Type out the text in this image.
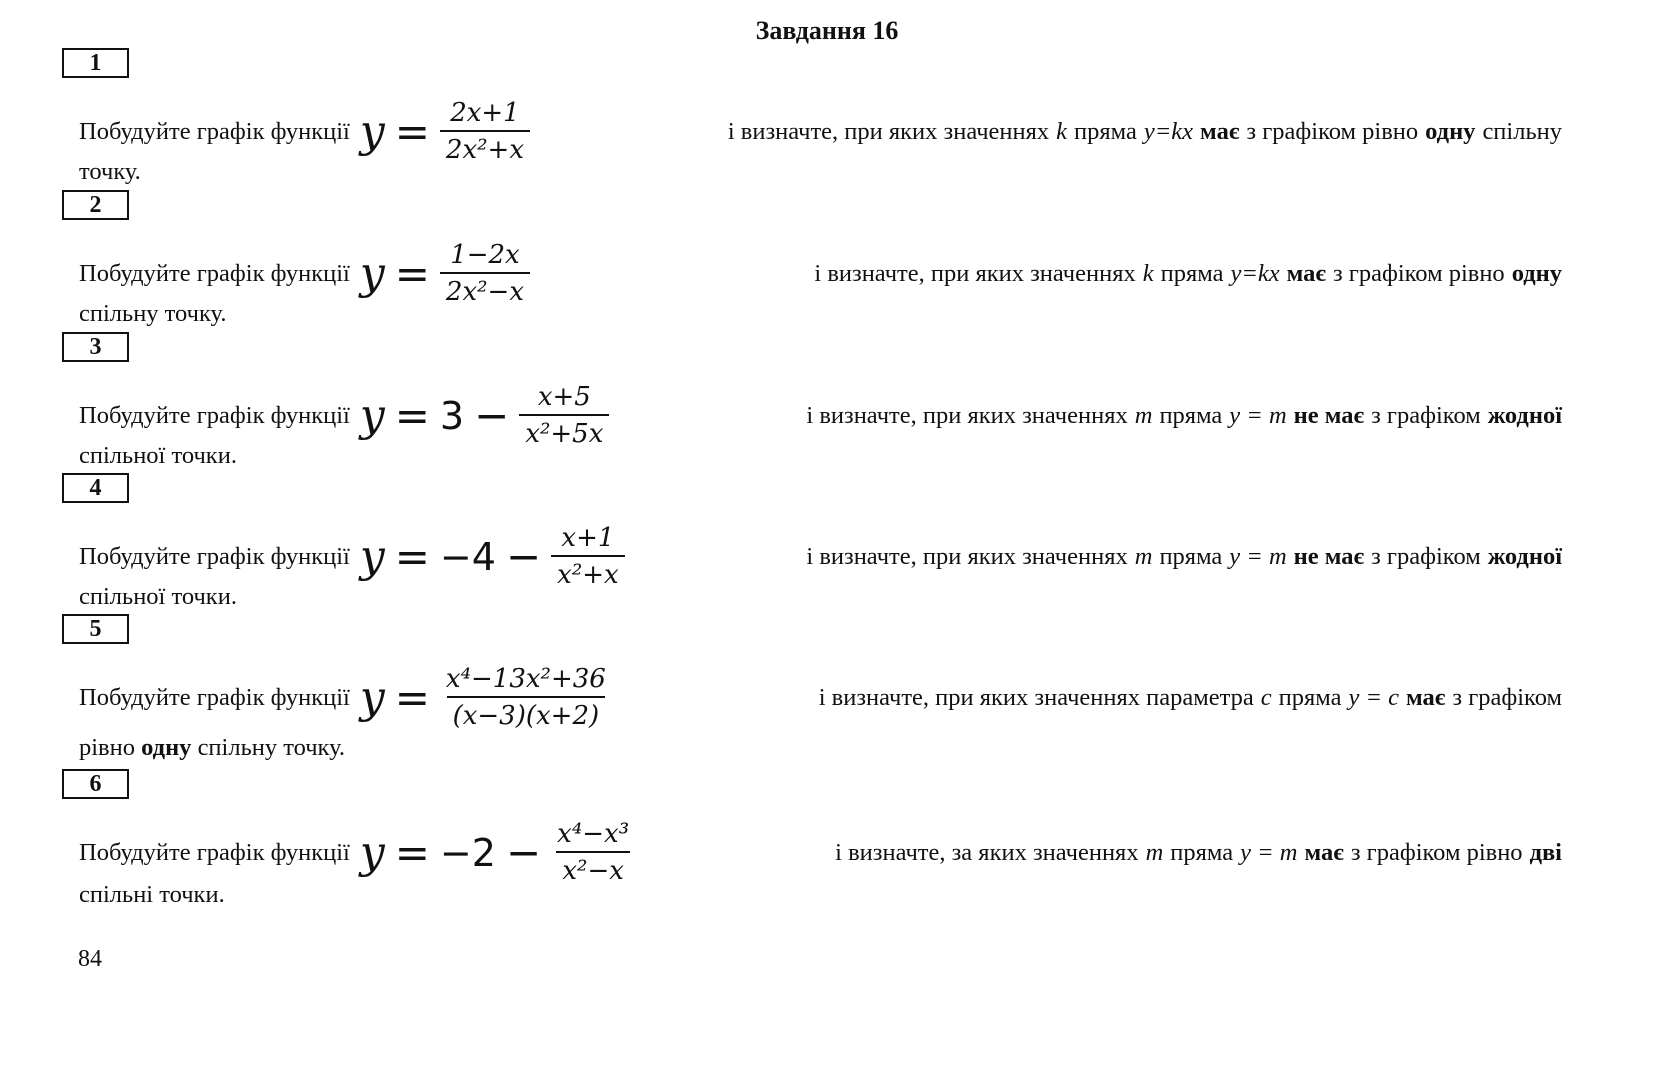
Завдання 16
1
Побудуйте графік функції $y = \frac{2x+1}{\text{2x²+x}}$	і визначте, при яких значеннях k пряма y=kx має з графіком рівно одну спільну
точку.
2
Побудуйте графік функції $y = \frac{1-2x}{\text{2x²−x}}$	і визначте, при яких значеннях k пряма y=kx має з графіком рівно одну
спільну точку.
3
Побудуйте графік функції $y = 3 - \frac{x+5}{\text{x²+5x}}$	і визначте, при яких значеннях m пряма y = m не має з графіком жодної
спільної точки.
4
Побудуйте графік функції $y = -4 - \frac{x+1}{\text{x²+x}}$	і визначте, при яких значеннях m пряма y = m не має з графіком жодної
спільної точки.
5
Побудуйте графік функції $y = \frac{\text{x⁴−13x²+36}}{(x-3)(x+2)}$	і визначте, при яких значеннях параметра c пряма y = c має з графіком
рівно одну спільну точку.
6
Побудуйте графік функції $y = -2 - \frac{\text{x⁴−x³}}{\text{x²−x}}$	і визначте, за яких значеннях m пряма y = m має з графіком рівно дві
спільні точки.
84
